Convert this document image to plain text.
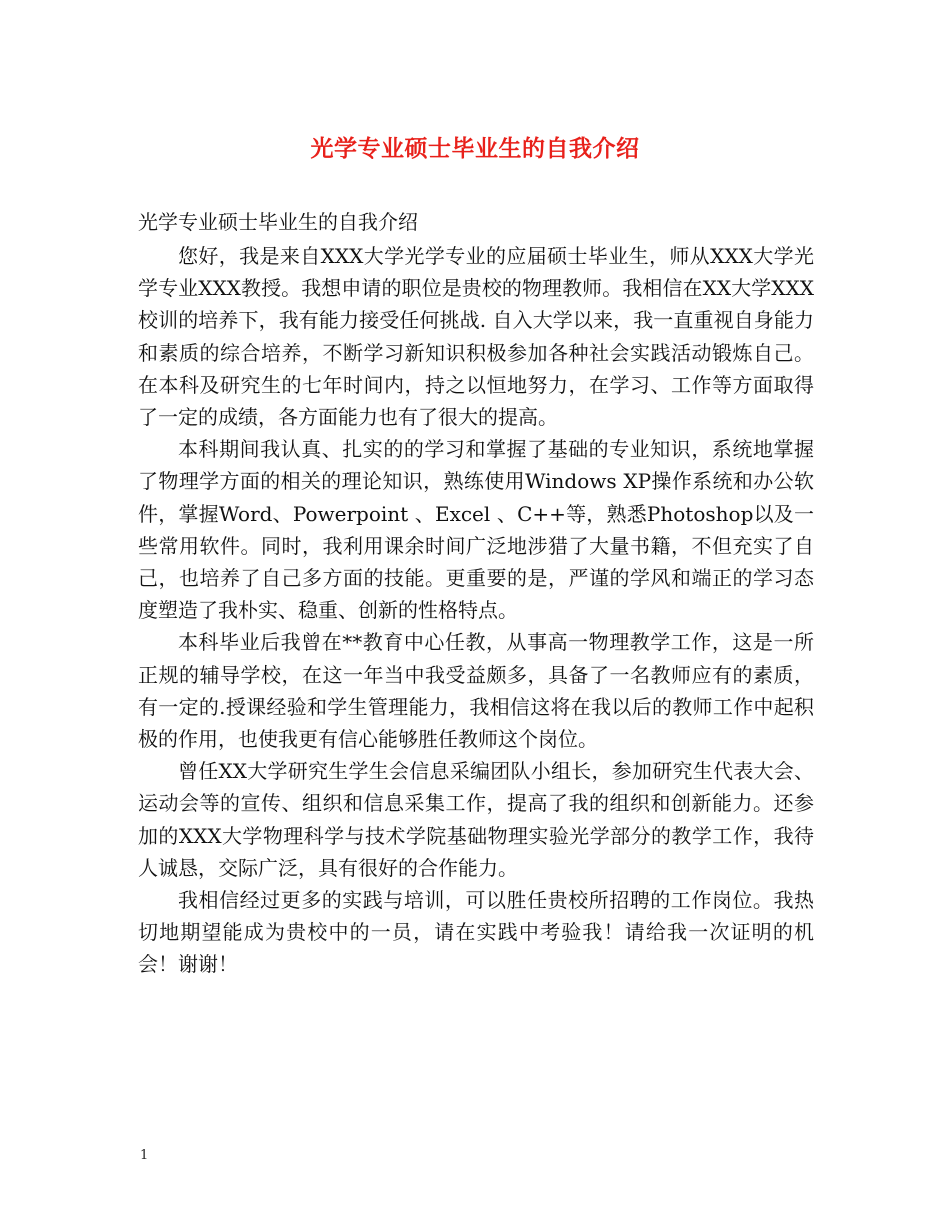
光学专业硕士毕业生的自我介绍
光学专业硕士毕业生的自我介绍

您好，我是来自XXX大学光学专业的应届硕士毕业生，师从XXX大学光学专业XXX教授。我想申请的职位是贵校的物理教师。我相信在XX大学XXX校训的培养下，我有能力接受任何挑战. 自入大学以来，我一直重视自身能力和素质的综合培养，不断学习新知识积极参加各种社会实践活动锻炼自己。在本科及研究生的七年时间内，持之以恒地努力，在学习、工作等方面取得了一定的成绩，各方面能力也有了很大的提高。

本科期间我认真、扎实的的学习和掌握了基础的专业知识，系统地掌握了物理学方面的相关的理论知识，熟练使用Windows XP操作系统和办公软件，掌握Word、Powerpoint 、Excel 、C++等，熟悉Photoshop以及一些常用软件。同时，我利用课余时间广泛地涉猎了大量书籍，不但充实了自己，也培养了自己多方面的技能。更重要的是，严谨的学风和端正的学习态度塑造了我朴实、稳重、创新的性格特点。

本科毕业后我曾在**教育中心任教，从事高一物理教学工作，这是一所正规的辅导学校，在这一年当中我受益颇多，具备了一名教师应有的素质，有一定的.授课经验和学生管理能力，我相信这将在我以后的教师工作中起积极的作用，也使我更有信心能够胜任教师这个岗位。

曾任XX大学研究生学生会信息采编团队小组长，参加研究生代表大会、运动会等的宣传、组织和信息采集工作，提高了我的组织和创新能力。还参加的XXX大学物理科学与技术学院基础物理实验光学部分的教学工作，我待人诚恳，交际广泛，具有很好的合作能力。

我相信经过更多的实践与培训，可以胜任贵校所招聘的工作岗位。我热切地期望能成为贵校中的一员，请在实践中考验我！请给我一次证明的机会！谢谢！

1
